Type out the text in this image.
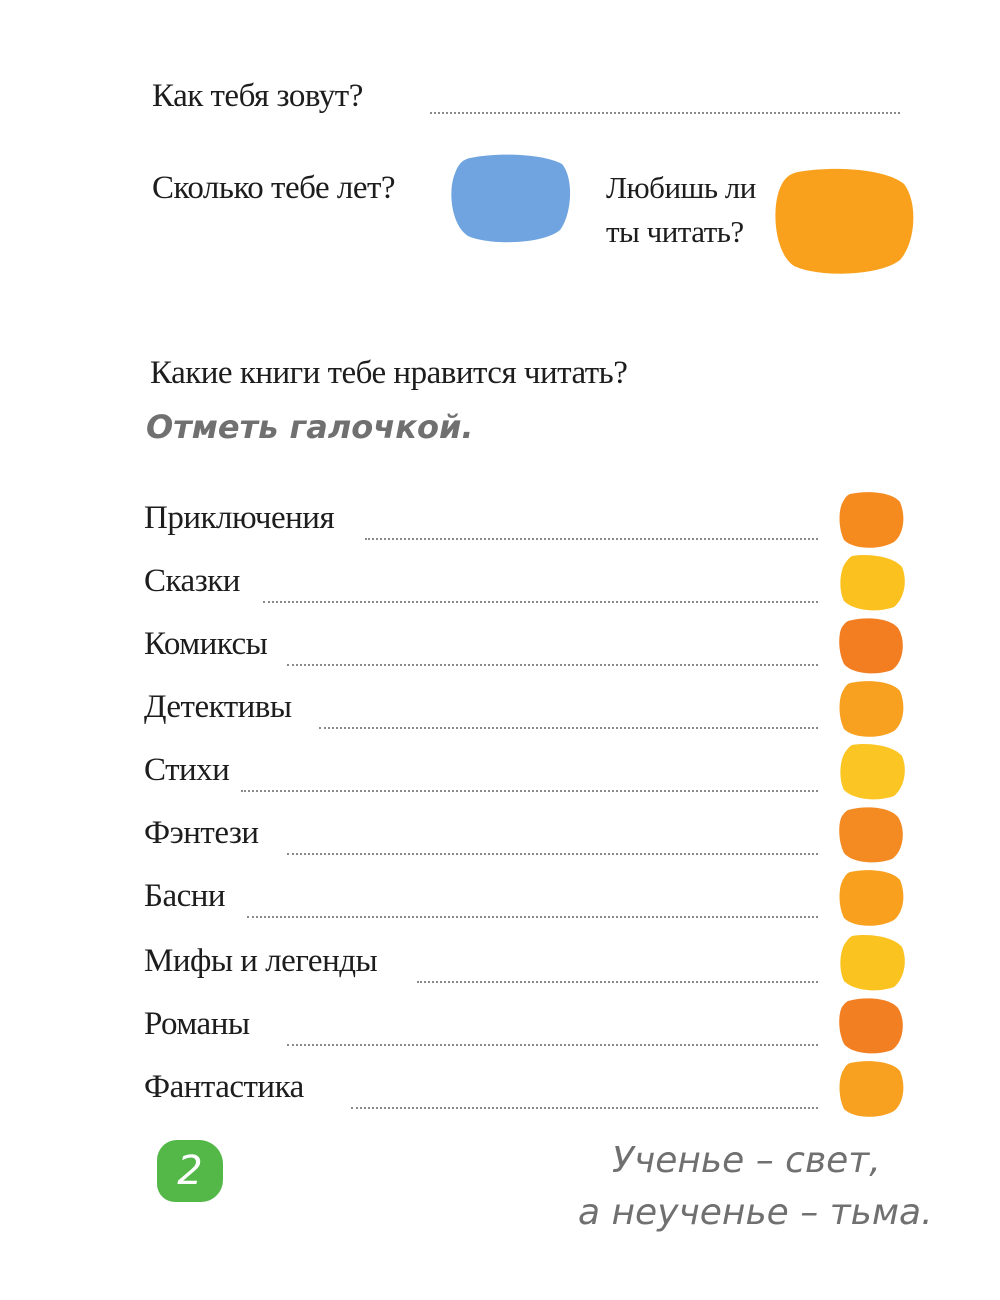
Как тебя зовут?
Сколько тебе лет?	Любишь ли
ты читать?
Какие книги тебе нравится читать?
Отметь галочкой.
Приключения
Сказки
Комиксы
Детективы
Стихи
Фэнтези
Басни
Мифы и легенды
Романы
Фантастика
2	Ученье – свет,
а неученье – тьма.
